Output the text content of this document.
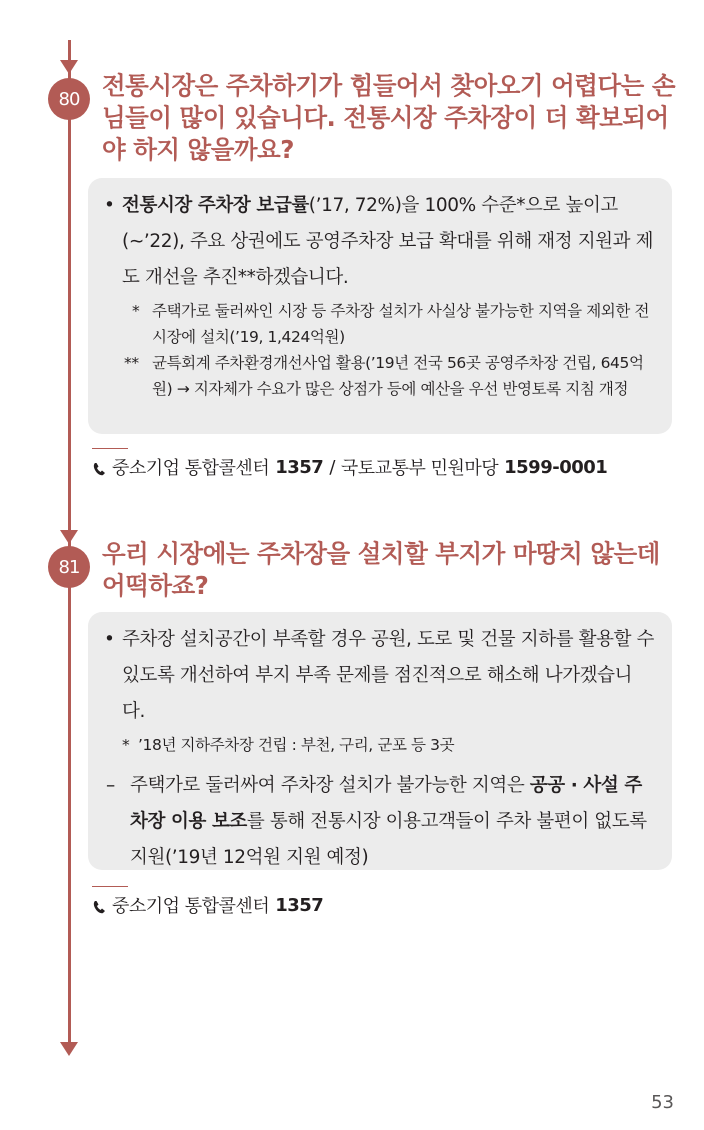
80 전통시장은 주차하기가 힘들어서 찾아오기 어렵다는 손님들이 많이 있습니다. 전통시장 주차장이 더 확보되어야 하지 않을까요?
• 전통시장 주차장 보급률(’17, 72%)을 100% 수준*으로 높이고 (∼’22), 주요 상권에도 공영주차장 보급 확대를 위해 재정 지원과 제도 개선을 추진**하겠습니다.
* 주택가로 둘러싸인 시장 등 주차장 설치가 사실상 불가능한 지역을 제외한 전 시장에 설치(’19, 1,424억원)
** 균특회계 주차환경개선사업 활용(’19년 전국 56곳 공영주차장 건립, 645억원) → 지자체가 수요가 많은 상점가 등에 예산을 우선 반영토록 지침 개정
중소기업 통합콜센터 1357 / 국토교통부 민원마당 1599-0001
81 우리 시장에는 주차장을 설치할 부지가 마땅치 않는데 어떡하죠?
• 주차장 설치공간이 부족할 경우 공원, 도로 및 건물 지하를 활용할 수 있도록 개선하여 부지 부족 문제를 점진적으로 해소해 나가겠습니다.
* ’18년 지하주차장 건립 : 부천, 구리, 군포 등 3곳
– 주택가로 둘러싸여 주차장 설치가 불가능한 지역은 공공 · 사설 주차장 이용 보조를 통해 전통시장 이용고객들이 주차 불편이 없도록 지원(’19년 12억원 지원 예정)
중소기업 통합콜센터 1357
53
